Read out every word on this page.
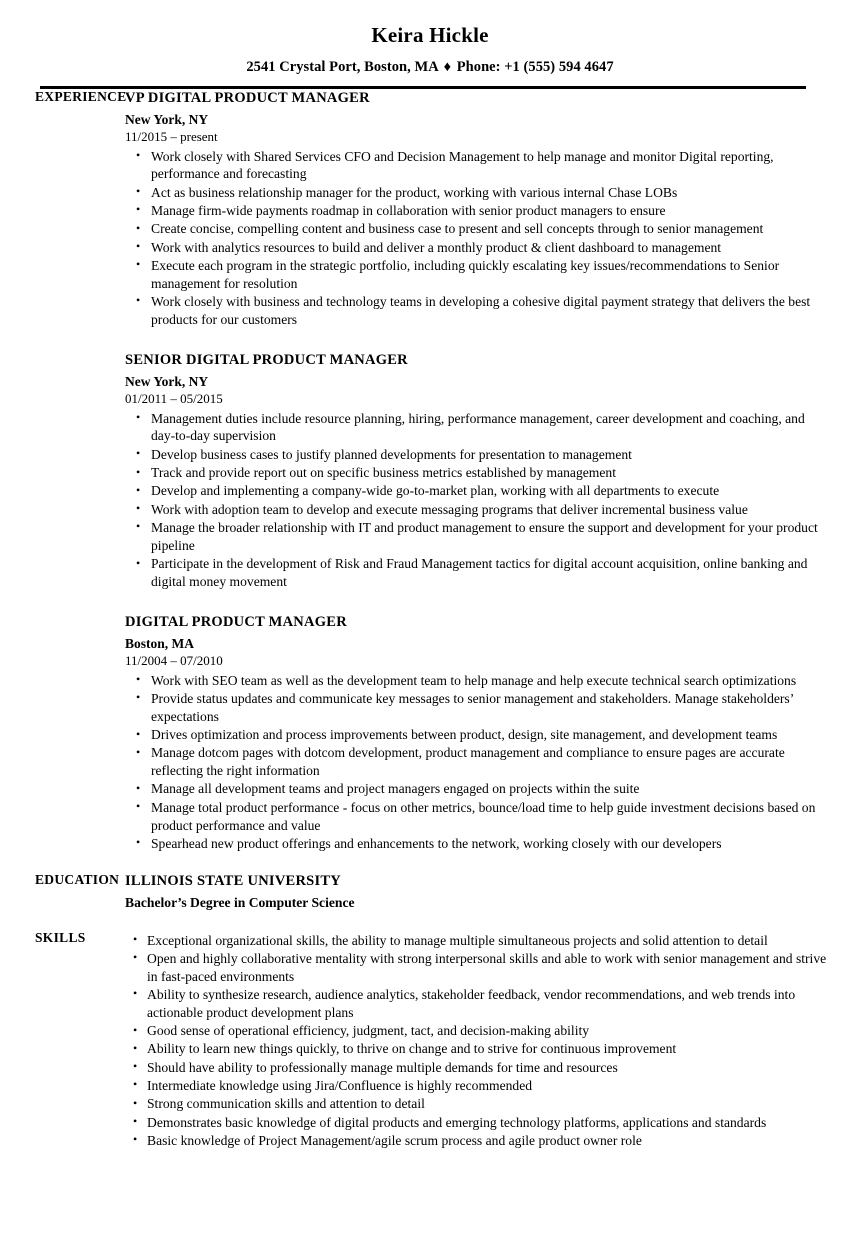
Keira Hickle
2541 Crystal Port, Boston, MA ♦ Phone: +1 (555) 594 4647
EXPERIENCE
VP DIGITAL PRODUCT MANAGER
New York, NY
11/2015 – present
• Work closely with Shared Services CFO and Decision Management to help manage and monitor Digital reporting, performance and forecasting
• Act as business relationship manager for the product, working with various internal Chase LOBs
• Manage firm-wide payments roadmap in collaboration with senior product managers to ensure
• Create concise, compelling content and business case to present and sell concepts through to senior management
• Work with analytics resources to build and deliver a monthly product & client dashboard to management
• Execute each program in the strategic portfolio, including quickly escalating key issues/recommendations to Senior management for resolution
• Work closely with business and technology teams in developing a cohesive digital payment strategy that delivers the best products for our customers
SENIOR DIGITAL PRODUCT MANAGER
New York, NY
01/2011 – 05/2015
• Management duties include resource planning, hiring, performance management, career development and coaching, and day-to-day supervision
• Develop business cases to justify planned developments for presentation to management
• Track and provide report out on specific business metrics established by management
• Develop and implementing a company-wide go-to-market plan, working with all departments to execute
• Work with adoption team to develop and execute messaging programs that deliver incremental business value
• Manage the broader relationship with IT and product management to ensure the support and development for your product pipeline
• Participate in the development of Risk and Fraud Management tactics for digital account acquisition, online banking and digital money movement
DIGITAL PRODUCT MANAGER
Boston, MA
11/2004 – 07/2010
• Work with SEO team as well as the development team to help manage and help execute technical search optimizations
• Provide status updates and communicate key messages to senior management and stakeholders. Manage stakeholders’ expectations
• Drives optimization and process improvements between product, design, site management, and development teams
• Manage dotcom pages with dotcom development, product management and compliance to ensure pages are accurate reflecting the right information
• Manage all development teams and project managers engaged on projects within the suite
• Manage total product performance - focus on other metrics, bounce/load time to help guide investment decisions based on product performance and value
• Spearhead new product offerings and enhancements to the network, working closely with our developers
EDUCATION ILLINOIS STATE UNIVERSITY
Bachelor’s Degree in Computer Science
SKILLS	• Exceptional organizational skills, the ability to manage multiple simultaneous projects and solid attention to detail
• Open and highly collaborative mentality with strong interpersonal skills and able to work with senior management and strive in fast-paced environments
• Ability to synthesize research, audience analytics, stakeholder feedback, vendor recommendations, and web trends into actionable product development plans
• Good sense of operational efficiency, judgment, tact, and decision-making ability
• Ability to learn new things quickly, to thrive on change and to strive for continuous improvement
• Should have ability to professionally manage multiple demands for time and resources
• Intermediate knowledge using Jira/Confluence is highly recommended
• Strong communication skills and attention to detail
• Demonstrates basic knowledge of digital products and emerging technology platforms, applications and standards
• Basic knowledge of Project Management/agile scrum process and agile product owner role
